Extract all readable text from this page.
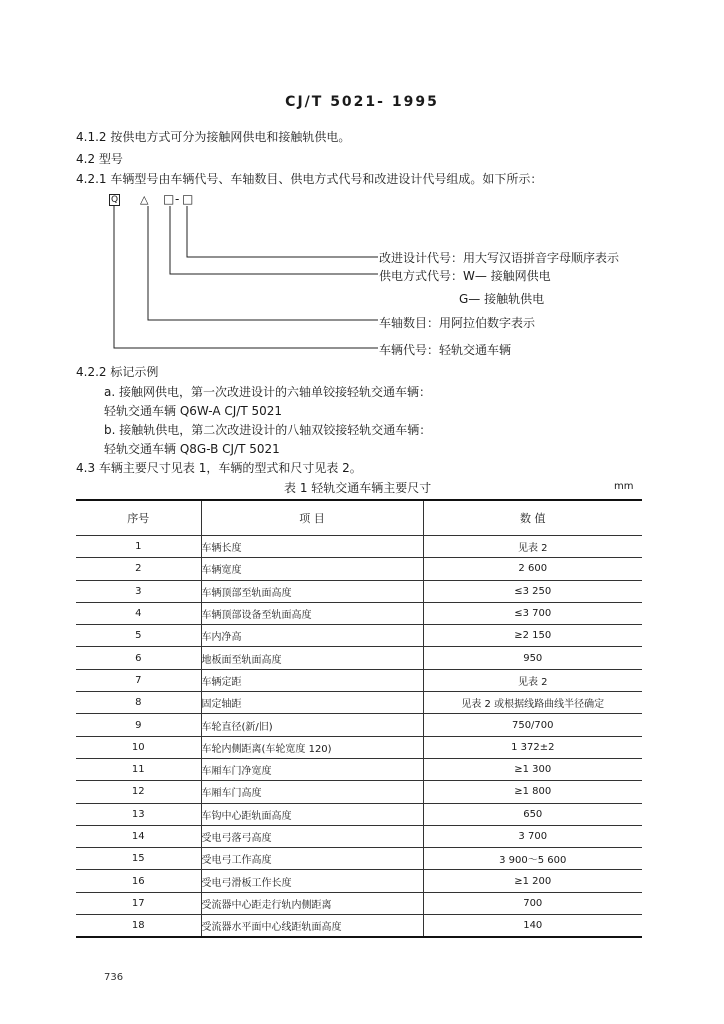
CJ/T 5021- 1995
4.1.2 按供电方式可分为接触网供电和接触轨供电。
4.2 型号
4.2.1 车辆型号由车辆代号、车轴数目、供电方式代号和改进设计代号组成。如下所示：
Q △ □ - □
改进设计代号：用大写汉语拼音字母顺序表示
供电方式代号：W— 接触网供电
G— 接触轨供电
车轴数目：用阿拉伯数字表示
车辆代号：轻轨交通车辆
4.2.2 标记示例
a. 接触网供电，第一次改进设计的六轴单铰接轻轨交通车辆：
轻轨交通车辆 Q6W-A CJ/T 5021
b. 接触轨供电，第二次改进设计的八轴双铰接轻轨交通车辆：
轻轨交通车辆 Q8G-B CJ/T 5021
4.3 车辆主要尺寸见表 1，车辆的型式和尺寸见表 2。
表 1 轻轨交通车辆主要尺寸	mm
序号	项 目	数 值
1	车辆长度	见表 2
2	车辆宽度	2 600
3	车辆顶部至轨面高度	≤3 250
4	车辆顶部设备至轨面高度	≤3 700
5	车内净高	≥2 150
6	地板面至轨面高度	950
7	车辆定距	见表 2
8	固定轴距	见表 2 或根据线路曲线半径确定
9	车轮直径(新/旧)	750/700
10	车轮内侧距离(车轮宽度 120)	1 372±2
11	车厢车门净宽度	≥1 300
12	车厢车门高度	≥1 800
13	车钩中心距轨面高度	650
14	受电弓落弓高度	3 700
15	受电弓工作高度	3 900～5 600
16	受电弓滑板工作长度	≥1 200
17	受流器中心距走行轨内侧距离	700
18	受流器水平面中心线距轨面高度	140
736
